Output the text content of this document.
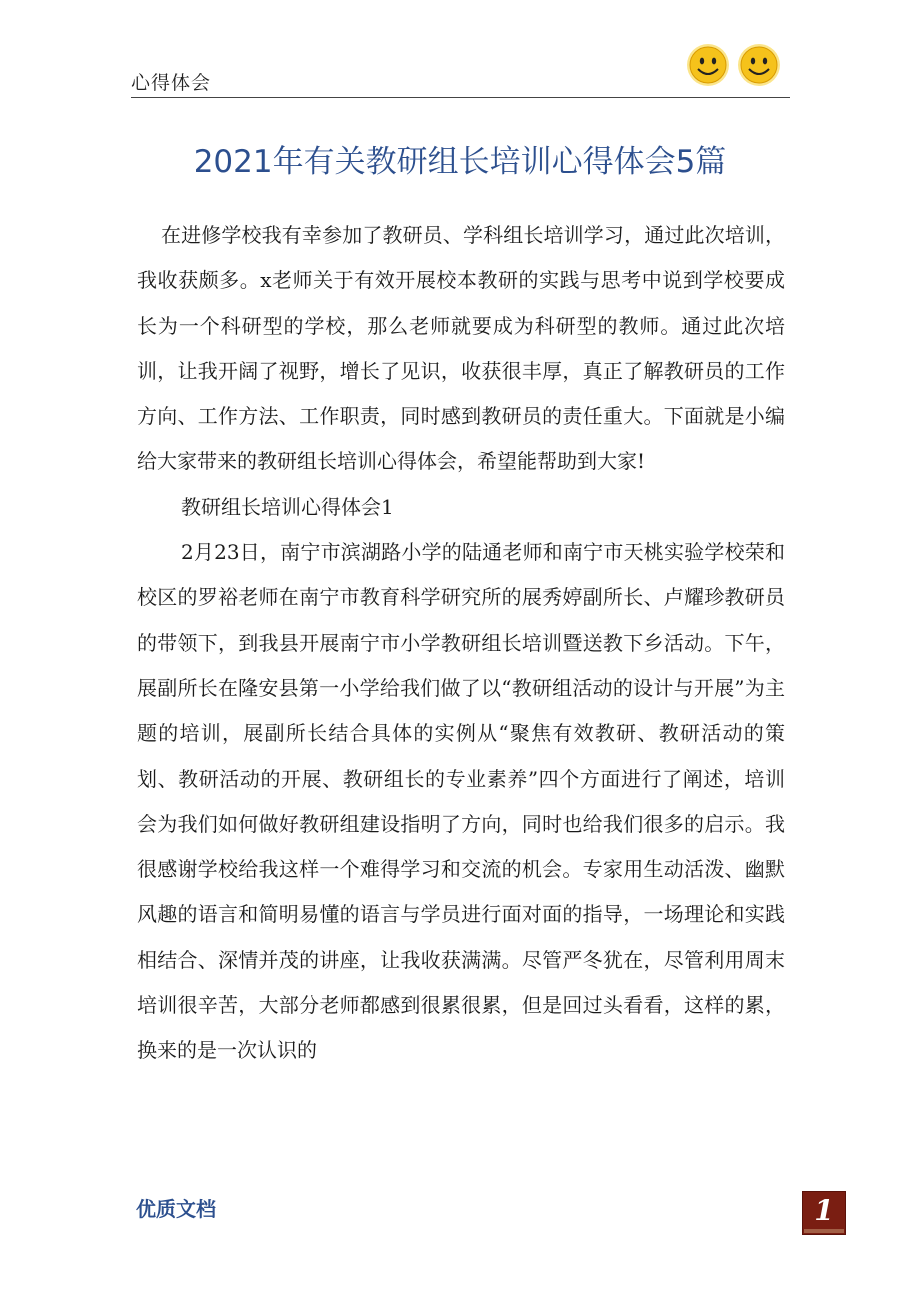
心得体会
2021年有关教研组长培训心得体会5篇

在进修学校我有幸参加了教研员、学科组长培训学习，通过此次培训，我收获颇多。x老师关于有效开展校本教研的实践与思考中说到学校要成长为一个科研型的学校，那么老师就要成为科研型的教师。通过此次培训，让我开阔了视野，增长了见识，收获很丰厚，真正了解教研员的工作方向、工作方法、工作职责，同时感到教研员的责任重大。下面就是小编给大家带来的教研组长培训心得体会，希望能帮助到大家!

教研组长培训心得体会1

2月23日，南宁市滨湖路小学的陆通老师和南宁市天桃实验学校荣和校区的罗裕老师在南宁市教育科学研究所的展秀婷副所长、卢耀珍教研员的带领下，到我县开展南宁市小学教研组长培训暨送教下乡活动。下午，展副所长在隆安县第一小学给我们做了以“教研组活动的设计与开展”为主题的培训，展副所长结合具体的实例从“聚焦有效教研、教研活动的策划、教研活动的开展、教研组长的专业素养”四个方面进行了阐述，培训会为我们如何做好教研组建设指明了方向，同时也给我们很多的启示。我很感谢学校给我这样一个难得学习和交流的机会。专家用生动活泼、幽默风趣的语言和简明易懂的语言与学员进行面对面的指导，一场理论和实践相结合、深情并茂的讲座，让我收获满满。尽管严冬犹在，尽管利用周末培训很辛苦，大部分老师都感到很累很累，但是回过头看看，这样的累，换来的是一次认识的

优质文档	1
